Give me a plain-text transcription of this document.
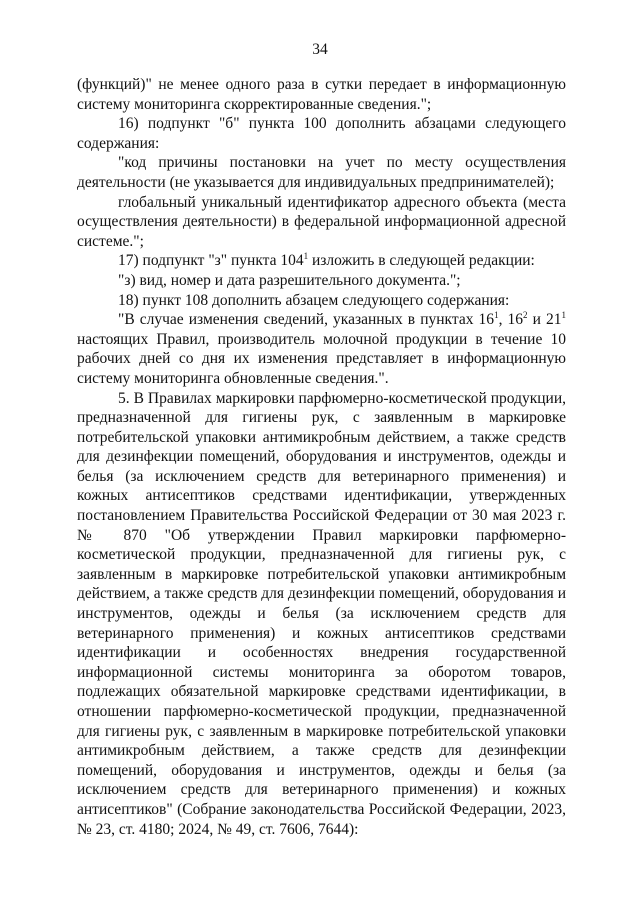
34

(функций)" не менее одного раза в сутки передает в информационную систему мониторинга скорректированные сведения.";

16) подпункт "б" пункта 100 дополнить абзацами следующего содержания:

"код причины постановки на учет по месту осуществления деятельности (не указывается для индивидуальных предпринимателей);

глобальный уникальный идентификатор адресного объекта (места осуществления деятельности) в федеральной информационной адресной системе.";

17) подпункт "з" пункта $104^1$ изложить в следующей редакции:

"з) вид, номер и дата разрешительного документа.";

18) пункт 108 дополнить абзацем следующего содержания:

"В случае изменения сведений, указанных в пунктах $16^1$, $16^2$ и $21^1$ настоящих Правил, производитель молочной продукции в течение 10 рабочих дней со дня их изменения представляет в информационную систему мониторинга обновленные сведения.".

5. В Правилах маркировки парфюмерно-косметической продукции, предназначенной для гигиены рук, с заявленным в маркировке потребительской упаковки антимикробным действием, а также средств для дезинфекции помещений, оборудования и инструментов, одежды и белья (за исключением средств для ветеринарного применения) и кожных антисептиков средствами идентификации, утвержденных постановлением Правительства Российской Федерации от 30 мая 2023 г. № 870 "Об утверждении Правил маркировки парфюмерно-косметической продукции, предназначенной для гигиены рук, с заявленным в маркировке потребительской упаковки антимикробным действием, а также средств для дезинфекции помещений, оборудования и инструментов, одежды и белья (за исключением средств для ветеринарного применения) и кожных антисептиков средствами идентификации и особенностях внедрения государственной информационной системы мониторинга за оборотом товаров, подлежащих обязательной маркировке средствами идентификации, в отношении парфюмерно-косметической продукции, предназначенной для гигиены рук, с заявленным в маркировке потребительской упаковки антимикробным действием, а также средств для дезинфекции помещений, оборудования и инструментов, одежды и белья (за исключением средств для ветеринарного применения) и кожных антисептиков" (Собрание законодательства Российской Федерации, 2023, № 23, ст. 4180; 2024, № 49, ст. 7606, 7644):
